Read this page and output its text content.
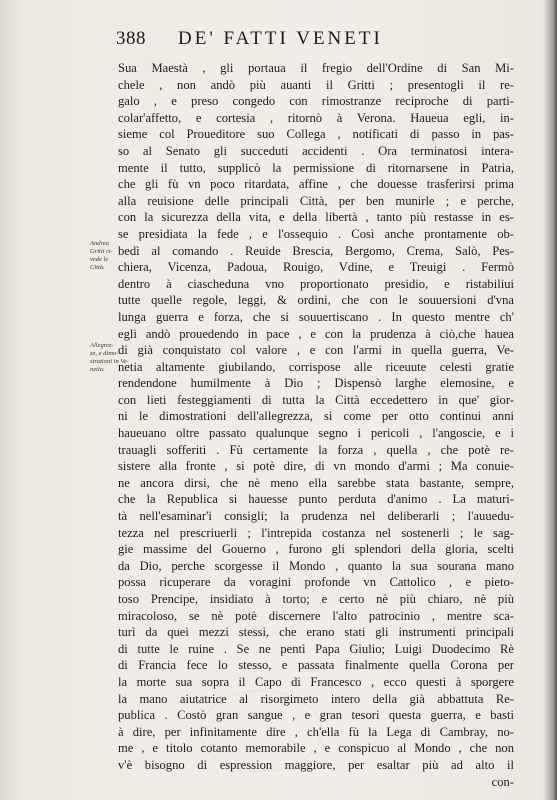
388 DE' FATTI VENETI
Andrea
Gritti ri-
vede le
Città.
Allegrez-
ze, e dimo-
strationi in Ve-
netia.
Sua Maestà , gli portaua il fregio dell'Ordine di San Mi-
chele , non andò più auanti il Gritti ; presentogli il re-
galo , e preso congedo con rimostranze reciproche di parti-
colar'affetto, e cortesia , ritornò à Verona. Haueua egli, in-
sieme col Proueditore suo Collega , notificati di passo in pas-
so al Senato gli succeduti accidenti . Ora terminatosi interа-
mente il tutto, supplicò la permissione di ritornarsene in Patria,
che gli fù vn poco ritardata, affine , che douesse trasferirsi prima
alla reuisione delle principali Città, per ben munirle ; e perche,
con la sicurezza della vita, e della libertà , tanto più restasse in es-
se presidiata la fede , e l'ossequio . Così anche prontamente ob-
bedì al comando . Reuide Brescia, Bergomo, Crema, Salò, Pes-
chiera, Vicenza, Padoua, Rouigo, Vdine, e Treuigi . Fermò
dentro à ciascheduna vno proportionato presidio, e ristabiliui
tutte quelle regole, leggi, & ordini, che con le souuersioni d'vna
lunga guerra e forza, che si souuertiscano . In questo mentre ch'
egli andò prouedendo in pace , e con la prudenza à ciò,che hauea
di già conquistato col valore , e con l'armi in quella guerra, Ve-
netia altamente giubilando, corrispose alle riceuute celesti gratie
rendendone humilmente à Dio ; Dispensò larghe elemosine, e
con lieti festeggiamenti di tutta la Città eccedettero in que' gior-
ni le dimostrationi dell'allegrezza, si come per otto continui anni
haueuano oltre passato qualunque segno i pericoli , l'angoscie, e i
trauagli sofferiti . Fù certamente la forza , quella , che potè re-
sistere alla fronte , si potè dire, di vn mondo d'armi ; Ma conuie-
ne ancora dirsi, che nè meno ella sarebbe stata bastante, sempre,
che la Republica si hauesse punto perduta d'animo . La maturi-
tà nell'esaminar'i consigli; la prudenza nel deliberarli ; l'auuedu-
tezza nel prescriuerli ; l'intrepida costanza nel sostenerli ; le sag-
gie massime del Gouerno , furono gli splendori della gloria, scelti
da Dio, perche scorgesse il Mondo , quanto la sua sourana mano
possa ricuperare da voragini profonde vn Cattolico , e pieto-
toso Prencipe, insidiato à torto; e certo nè più chiaro, nè più
miracoloso, se nè potè discernere l'alto patrocinio , mentre sca-
turì da quei mezzi stessi, che erano stati gli instrumenti principali
di tutte le ruine . Se ne pentì Papa Giulio; Luigi Duodecimo Rè
di Francia fece lo stesso, e passata finalmente quella Corona per
la morte sua sopra il Capo di Francesco , ecco questi à sporgere
la mano aiutatrice al risorgimeto intero della già abbattuta Re-
publica . Costò gran sangue , e gran tesori questa guerra, e basti
à dire, per infinitamente dire , ch'ella fù la Lega di Cambray, no-
me , e titolo cotanto memorabile , e conspicuo al Mondo , che non
v'è bisogno di espression maggiore, per esaltar più ad alto il
con-
